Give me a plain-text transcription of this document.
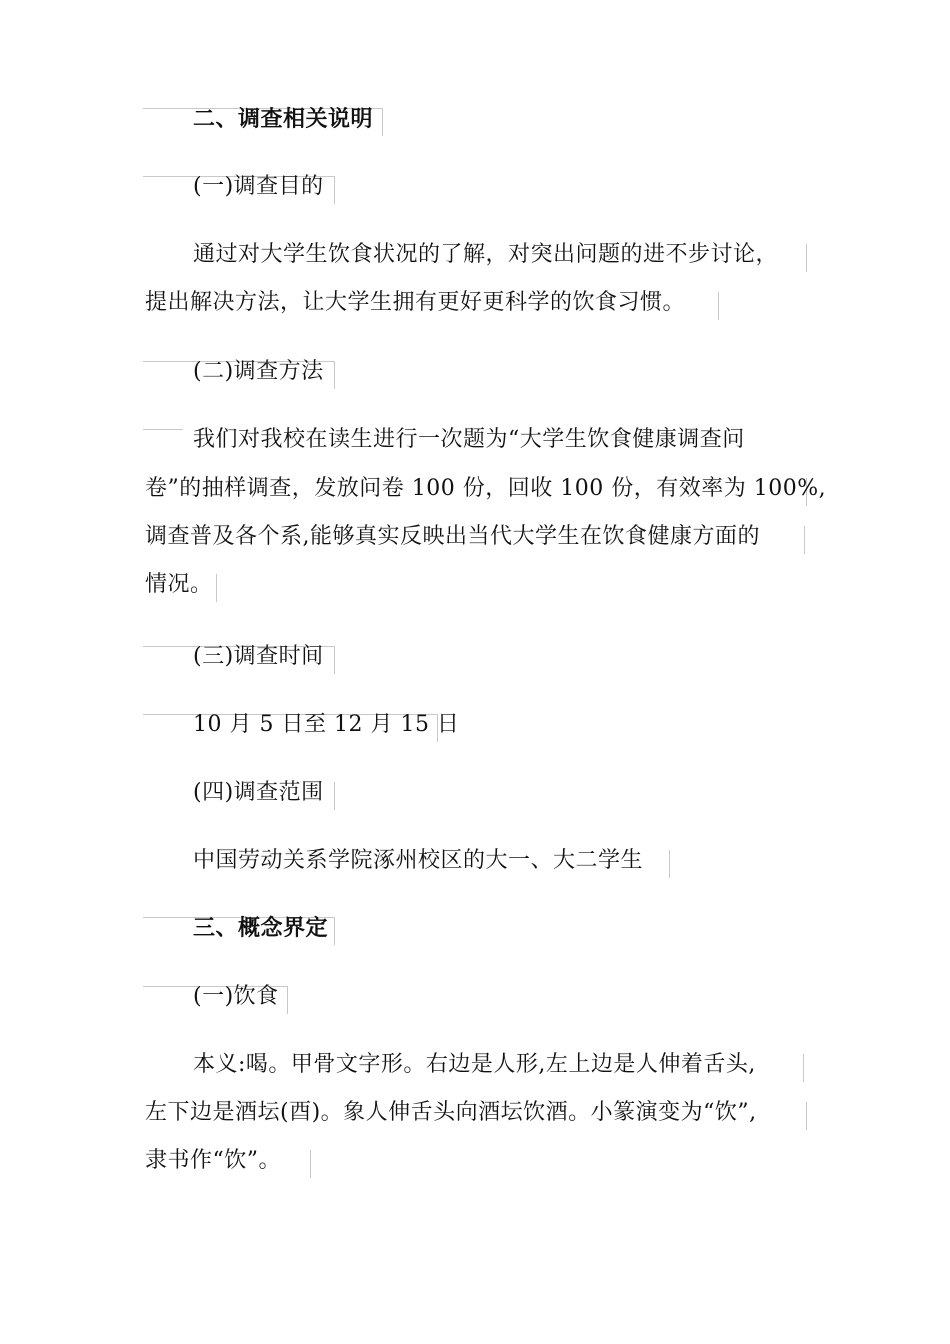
二、调查相关说明
(一)调查目的
通过对大学生饮食状况的了解，对突出问题的进不步讨论，
提出解决方法，让大学生拥有更好更科学的饮食习惯。
(二)调查方法
我们对我校在读生进行一次题为“大学生饮食健康调查问
卷”的抽样调查，发放问卷 100 份，回收 100 份，有效率为 100%,
调查普及各个系,能够真实反映出当代大学生在饮食健康方面的
情况。
(三)调查时间
10 月 5 日至 12 月 15 日
(四)调查范围
中国劳动关系学院涿州校区的大一、大二学生
三、概念界定
(一)饮食
本义:喝。甲骨文字形。右边是人形,左上边是人伸着舌头,
左下边是酒坛(酉)。象人伸舌头向酒坛饮酒。小篆演变为“饮”,
隶书作“饮”。
